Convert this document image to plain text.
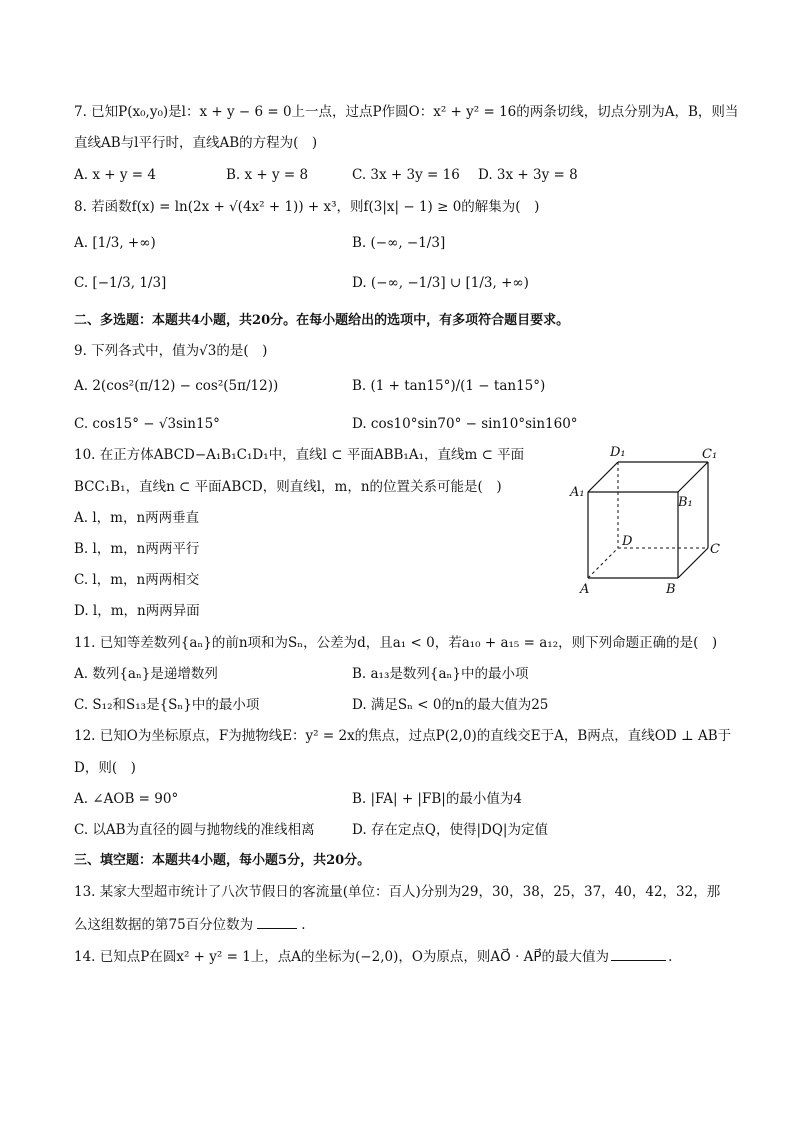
7. 已知P(x₀,y₀)是l：x + y − 6 = 0上一点，过点P作圆O：x² + y² = 16的两条切线，切点分别为A，B，则当
直线AB与l平行时，直线AB的方程为(　)
A. x + y = 4	B. x + y = 8	C. 3x + 3y = 16 D. 3x + 3y = 8
8. 若函数f(x) = ln(2x + √(4x² + 1)) + x³，则f(3|x| − 1) ≥ 0的解集为(　)
A. [1/3, +∞)	B. (−∞, −1/3]
C. [−1/3, 1/3]	D. (−∞, −1/3] ∪ [1/3, +∞)
二、多选题：本题共4小题，共20分。在每小题给出的选项中，有多项符合题目要求。
9. 下列各式中，值为√3的是(　)
A. 2(cos²(π/12) − cos²(5π/12))	B. (1 + tan15°)/(1 − tan15°)
C. cos15° − √3sin15°	D. cos10°sin70° − sin10°sin160°
10. 在正方体ABCD−A₁B₁C₁D₁中，直线l ⊂ 平面ABB₁A₁，直线m ⊂ 平面
BCC₁B₁，直线n ⊂ 平面ABCD，则直线l，m，n的位置关系可能是(　)
A. l，m，n两两垂直
B. l，m，n两两平行
C. l，m，n两两相交
D. l，m，n两两异面
A	B
C
D
A₁
B₁
C₁
D₁
11. 已知等差数列{aₙ}的前n项和为Sₙ，公差为d，且a₁ < 0，若a₁₀ + a₁₅ = a₁₂，则下列命题正确的是(　)
A. 数列{aₙ}是递增数列	B. a₁₃是数列{aₙ}中的最小项
C. S₁₂和S₁₃是{Sₙ}中的最小项	D. 满足Sₙ < 0的n的最大值为25
12. 已知O为坐标原点，F为抛物线E：y² = 2x的焦点，过点P(2,0)的直线交E于A，B两点，直线OD ⊥ AB于
D，则(　)
A. ∠AOB = 90°	B. |FA| + |FB|的最小值为4
C. 以AB为直径的圆与抛物线的准线相离	D. 存在定点Q，使得|DQ|为定值
三、填空题：本题共4小题，每小题5分，共20分。
13. 某家大型超市统计了八次节假日的客流量(单位：百人)分别为29，30，38，25，37，40，42，32，那
么这组数据的第75百分位数为	.
14. 已知点P在圆x² + y² = 1上，点A的坐标为(−2,0)，O为原点，则AO⃗ · AP⃗的最大值为	.
